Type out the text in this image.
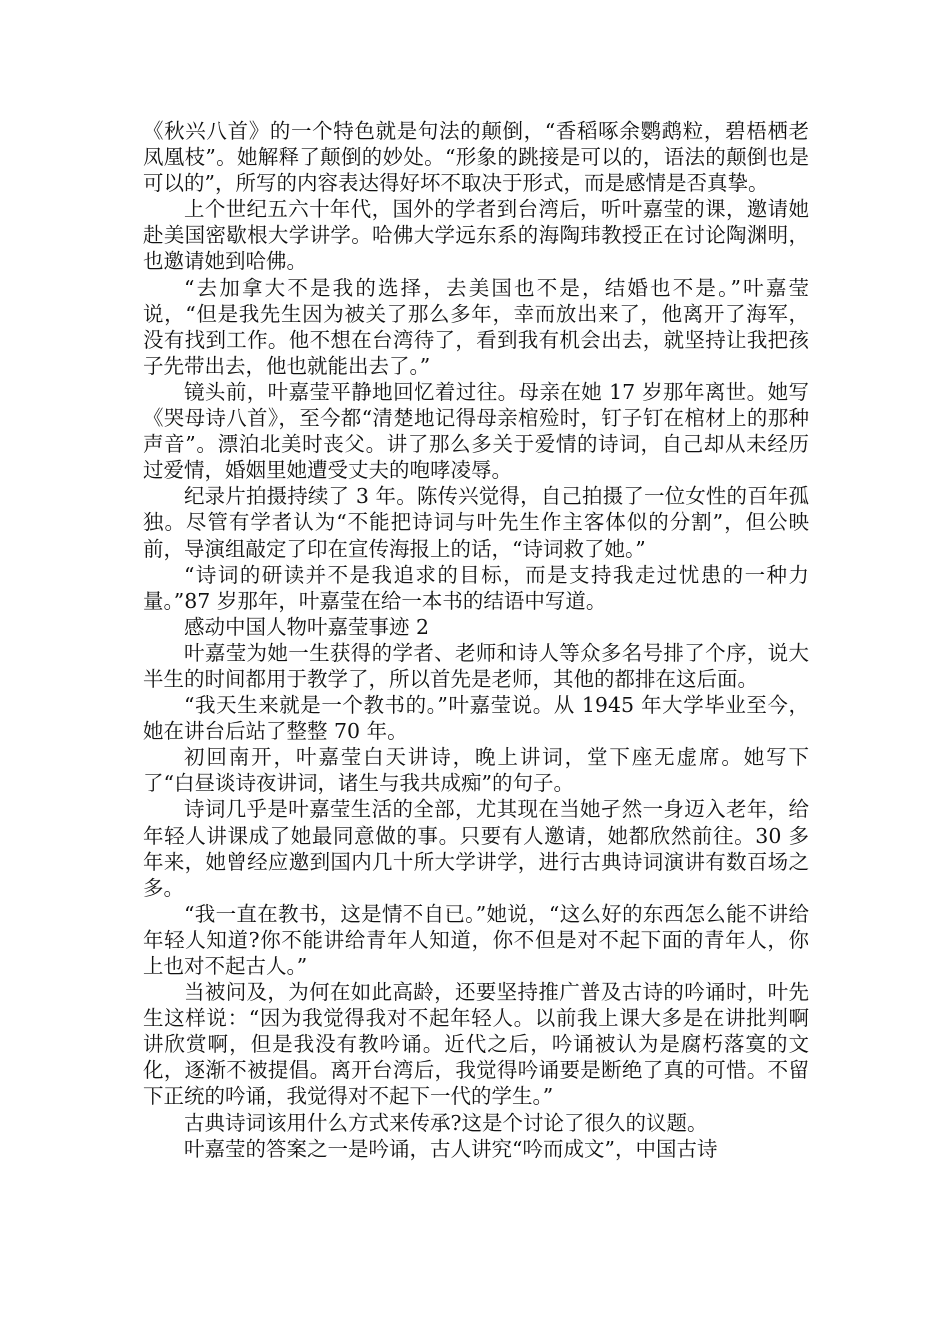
《秋兴八首》的一个特色就是句法的颠倒，“香稻啄余鹦鹉粒，碧梧栖老凤凰枝”。她解释了颠倒的妙处。“形象的跳接是可以的，语法的颠倒也是可以的”，所写的内容表达得好坏不取决于形式，而是感情是否真挚。

上个世纪五六十年代，国外的学者到台湾后，听叶嘉莹的课，邀请她赴美国密歇根大学讲学。哈佛大学远东系的海陶玮教授正在讨论陶渊明，也邀请她到哈佛。

“去加拿大不是我的选择，去美国也不是，结婚也不是。”叶嘉莹说，“但是我先生因为被关了那么多年，幸而放出来了，他离开了海军，没有找到工作。他不想在台湾待了，看到我有机会出去，就坚持让我把孩子先带出去，他也就能出去了。”

镜头前，叶嘉莹平静地回忆着过往。母亲在她 17 岁那年离世。她写《哭母诗八首》，至今都“清楚地记得母亲棺殓时，钉子钉在棺材上的那种声音”。漂泊北美时丧父。讲了那么多关于爱情的诗词，自己却从未经历过爱情，婚姻里她遭受丈夫的咆哮凌辱。

纪录片拍摄持续了 3 年。陈传兴觉得，自己拍摄了一位女性的百年孤独。尽管有学者认为“不能把诗词与叶先生作主客体似的分割”，但公映前，导演组敲定了印在宣传海报上的话，“诗词救了她。”

“诗词的研读并不是我追求的目标，而是支持我走过忧患的一种力量。”87 岁那年，叶嘉莹在给一本书的结语中写道。

感动中国人物叶嘉莹事迹 2

叶嘉莹为她一生获得的学者、老师和诗人等众多名号排了个序，说大半生的时间都用于教学了，所以首先是老师，其他的都排在这后面。

“我天生来就是一个教书的。”叶嘉莹说。从 1945 年大学毕业至今，她在讲台后站了整整 70 年。

初回南开，叶嘉莹白天讲诗，晚上讲词，堂下座无虚席。她写下了“白昼谈诗夜讲词，诸生与我共成痴”的句子。

诗词几乎是叶嘉莹生活的全部，尤其现在当她孑然一身迈入老年，给年轻人讲课成了她最同意做的事。只要有人邀请，她都欣然前往。30 多年来，她曾经应邀到国内几十所大学讲学，进行古典诗词演讲有数百场之多。

“我一直在教书，这是情不自已。”她说，“这么好的东西怎么能不讲给年轻人知道?你不能讲给青年人知道，你不但是对不起下面的青年人，你上也对不起古人。”

当被问及，为何在如此高龄，还要坚持推广普及古诗的吟诵时，叶先生这样说：“因为我觉得我对不起年轻人。以前我上课大多是在讲批判啊讲欣赏啊，但是我没有教吟诵。近代之后，吟诵被认为是腐朽落寞的文化，逐渐不被提倡。离开台湾后，我觉得吟诵要是断绝了真的可惜。不留下正统的吟诵，我觉得对不起下一代的学生。”

古典诗词该用什么方式来传承?这是个讨论了很久的议题。

叶嘉莹的答案之一是吟诵，古人讲究“吟而成文”，中国古诗
